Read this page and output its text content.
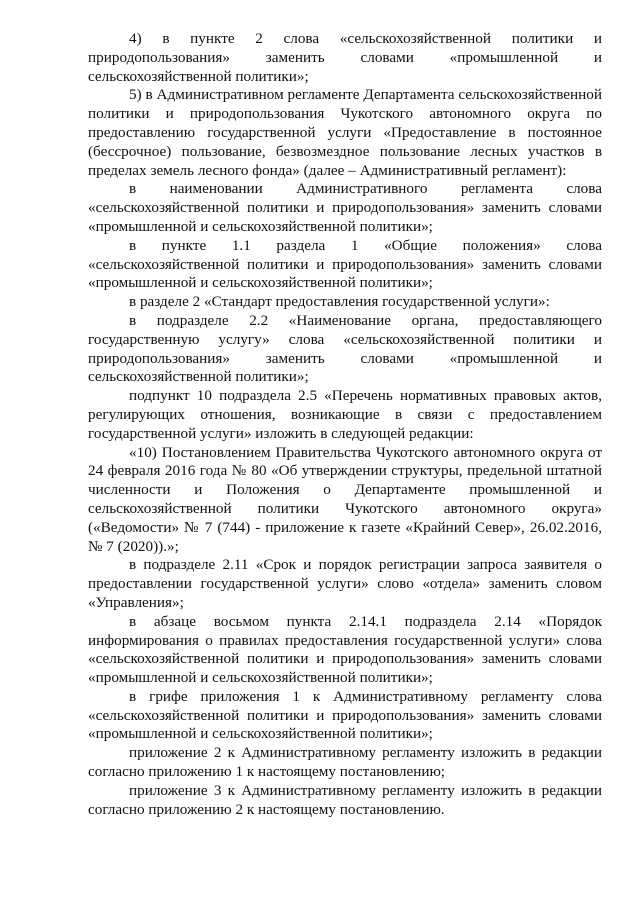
4) в пункте 2 слова «сельскохозяйственной политики и природопользования» заменить словами «промышленной и сельскохозяйственной политики»;

5) в Административном регламенте Департамента сельскохозяйственной политики и природопользования Чукотского автономного округа по предоставлению государственной услуги «Предоставление в постоянное (бессрочное) пользование, безвозмездное пользование лесных участков в пределах земель лесного фонда» (далее – Административный регламент):

в наименовании Административного регламента слова «сельскохозяйственной политики и природопользования» заменить словами «промышленной и сельскохозяйственной политики»;

в пункте 1.1 раздела 1 «Общие положения» слова «сельскохозяйственной политики и природопользования» заменить словами «промышленной и сельскохозяйственной политики»;

в разделе 2 «Стандарт предоставления государственной услуги»:

в подразделе 2.2 «Наименование органа, предоставляющего государственную услугу» слова «сельскохозяйственной политики и природопользования» заменить словами «промышленной и сельскохозяйственной политики»;

подпункт 10 подраздела 2.5 «Перечень нормативных правовых актов, регулирующих отношения, возникающие в связи с предоставлением государственной услуги» изложить в следующей редакции:

«10) Постановлением Правительства Чукотского автономного округа от 24 февраля 2016 года № 80 «Об утверждении структуры, предельной штатной численности и Положения о Департаменте промышленной и сельскохозяйственной политики Чукотского автономного округа» («Ведомости» № 7 (744) - приложение к газете «Крайний Север», 26.02.2016, № 7 (2020)).»;

в подразделе 2.11 «Срок и порядок регистрации запроса заявителя о предоставлении государственной услуги» слово «отдела» заменить словом «Управления»;

в абзаце восьмом пункта 2.14.1 подраздела 2.14 «Порядок информирования о правилах предоставления государственной услуги» слова «сельскохозяйственной политики и природопользования» заменить словами «промышленной и сельскохозяйственной политики»;

в грифе приложения 1 к Административному регламенту слова «сельскохозяйственной политики и природопользования» заменить словами «промышленной и сельскохозяйственной политики»;

приложение 2 к Административному регламенту изложить в редакции согласно приложению 1 к настоящему постановлению;

приложение 3 к Административному регламенту изложить в редакции согласно приложению 2 к настоящему постановлению.
